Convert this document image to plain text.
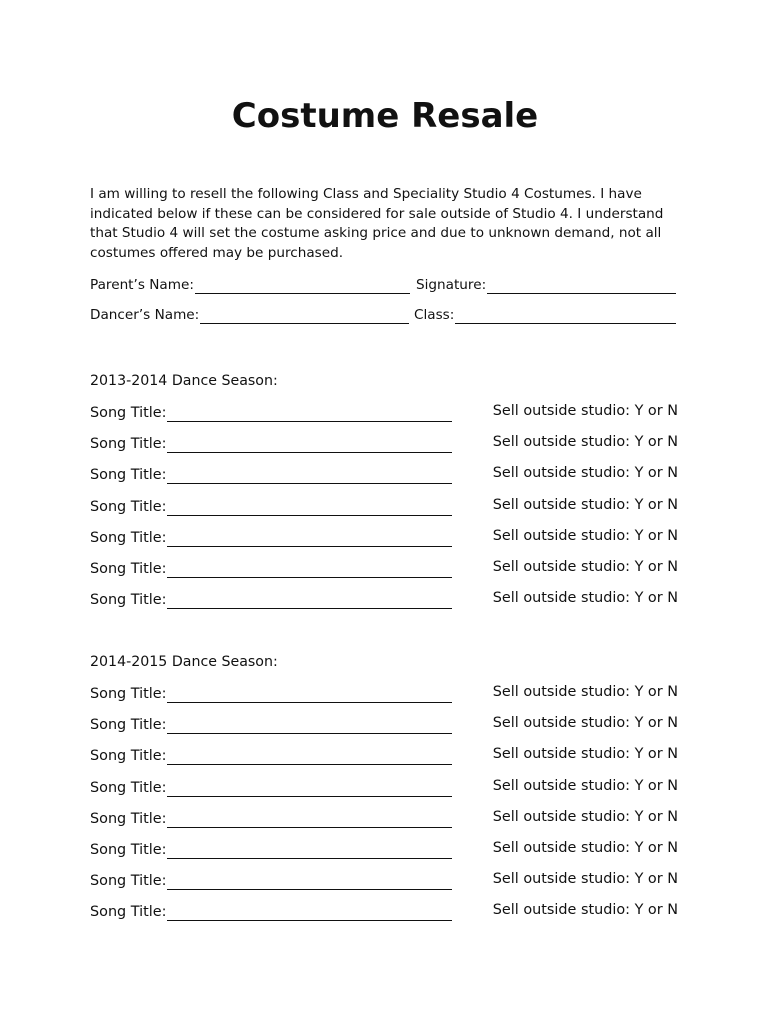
Costume Resale

I am willing to resell the following Class and Speciality Studio 4 Costumes. I have indicated below if these can be considered for sale outside of Studio 4. I understand that Studio 4 will set the costume asking price and due to unknown demand, not all costumes offered may be purchased.

Parent’s Name:	Signature:
Dancer’s Name:	Class:
2013-2014 Dance Season:
Song Title:	Sell outside studio: Y or N
Song Title:	Sell outside studio: Y or N
Song Title:	Sell outside studio: Y or N
Song Title:	Sell outside studio: Y or N
Song Title:	Sell outside studio: Y or N
Song Title:	Sell outside studio: Y or N
Song Title:	Sell outside studio: Y or N
2014-2015 Dance Season:
Song Title:	Sell outside studio: Y or N
Song Title:	Sell outside studio: Y or N
Song Title:	Sell outside studio: Y or N
Song Title:	Sell outside studio: Y or N
Song Title:	Sell outside studio: Y or N
Song Title:	Sell outside studio: Y or N
Song Title:	Sell outside studio: Y or N
Song Title:	Sell outside studio: Y or N
